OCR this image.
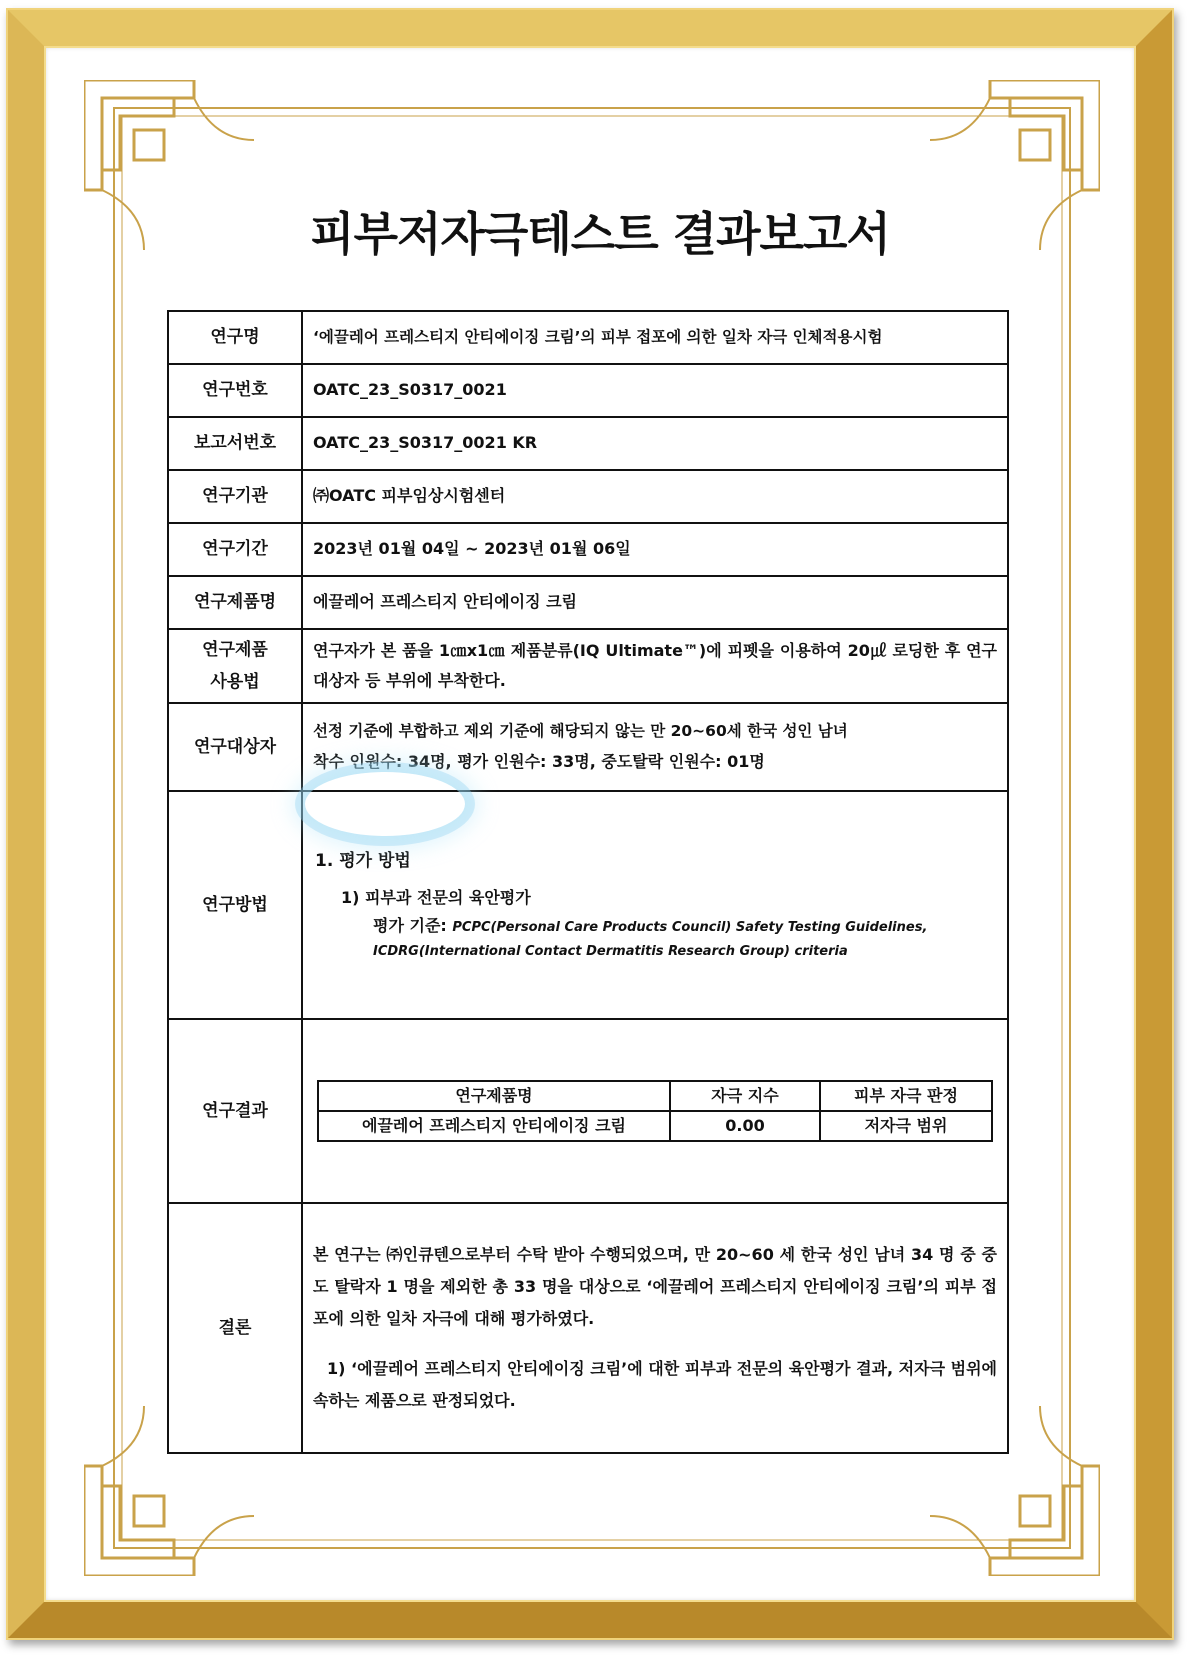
피부저자극테스트 결과보고서
연구명	‘에끌레어 프레스티지 안티에이징 크림’의 피부 접포에 의한 일차 자극 인체적용시험
연구번호	OATC_23_S0317_0021
보고서번호	OATC_23_S0317_0021 KR
연구기관	㈜OATC 피부임상시험센터
연구기간	2023년 01월 04일 ~ 2023년 01월 06일
연구제품명	에끌레어 프레스티지 안티에이징 크림

연구제품
사용법
	연구자가 본 품을 1㎝x1㎝ 제품분류(IQ Ultimate™)에 피펫을 이용하여 20㎕ 로딩한 후 연구대상자 등 부위에 부착한다.
연구대상자	
선정 기준에 부합하고 제외 기준에 해당되지 않는 만 20~60세 한국 성인 남녀
착수 인원수: 34명, 평가 인원수: 33명, 중도탈락 인원수: 01명

연구방법	
1. 평가 방법
1) 피부과 전문의 육안평가
평가 기준: PCPC(Personal Care Products Council) Safety Testing Guidelines, ICDRG(International Contact Dermatitis Research Group) criteria

연구결과	
연구제품명	자극 지수	피부 자극 판정
에끌레어 프레스티지 안티에이징 크림	0.00	저자극 범위

결론	
본 연구는 ㈜인큐텐으로부터 수탁 받아 수행되었으며, 만 20~60 세 한국 성인 남녀 34 명 중 중도 탈락자 1 명을 제외한 총 33 명을 대상으로 ‘에끌레어 프레스티지 안티에이징 크림’의 피부 접포에 의한 일차 자극에 대해 평가하였다.
1) ‘에끌레어 프레스티지 안티에이징 크림’에 대한 피부과 전문의 육안평가 결과, 저자극 범위에 속하는 제품으로 판정되었다.
